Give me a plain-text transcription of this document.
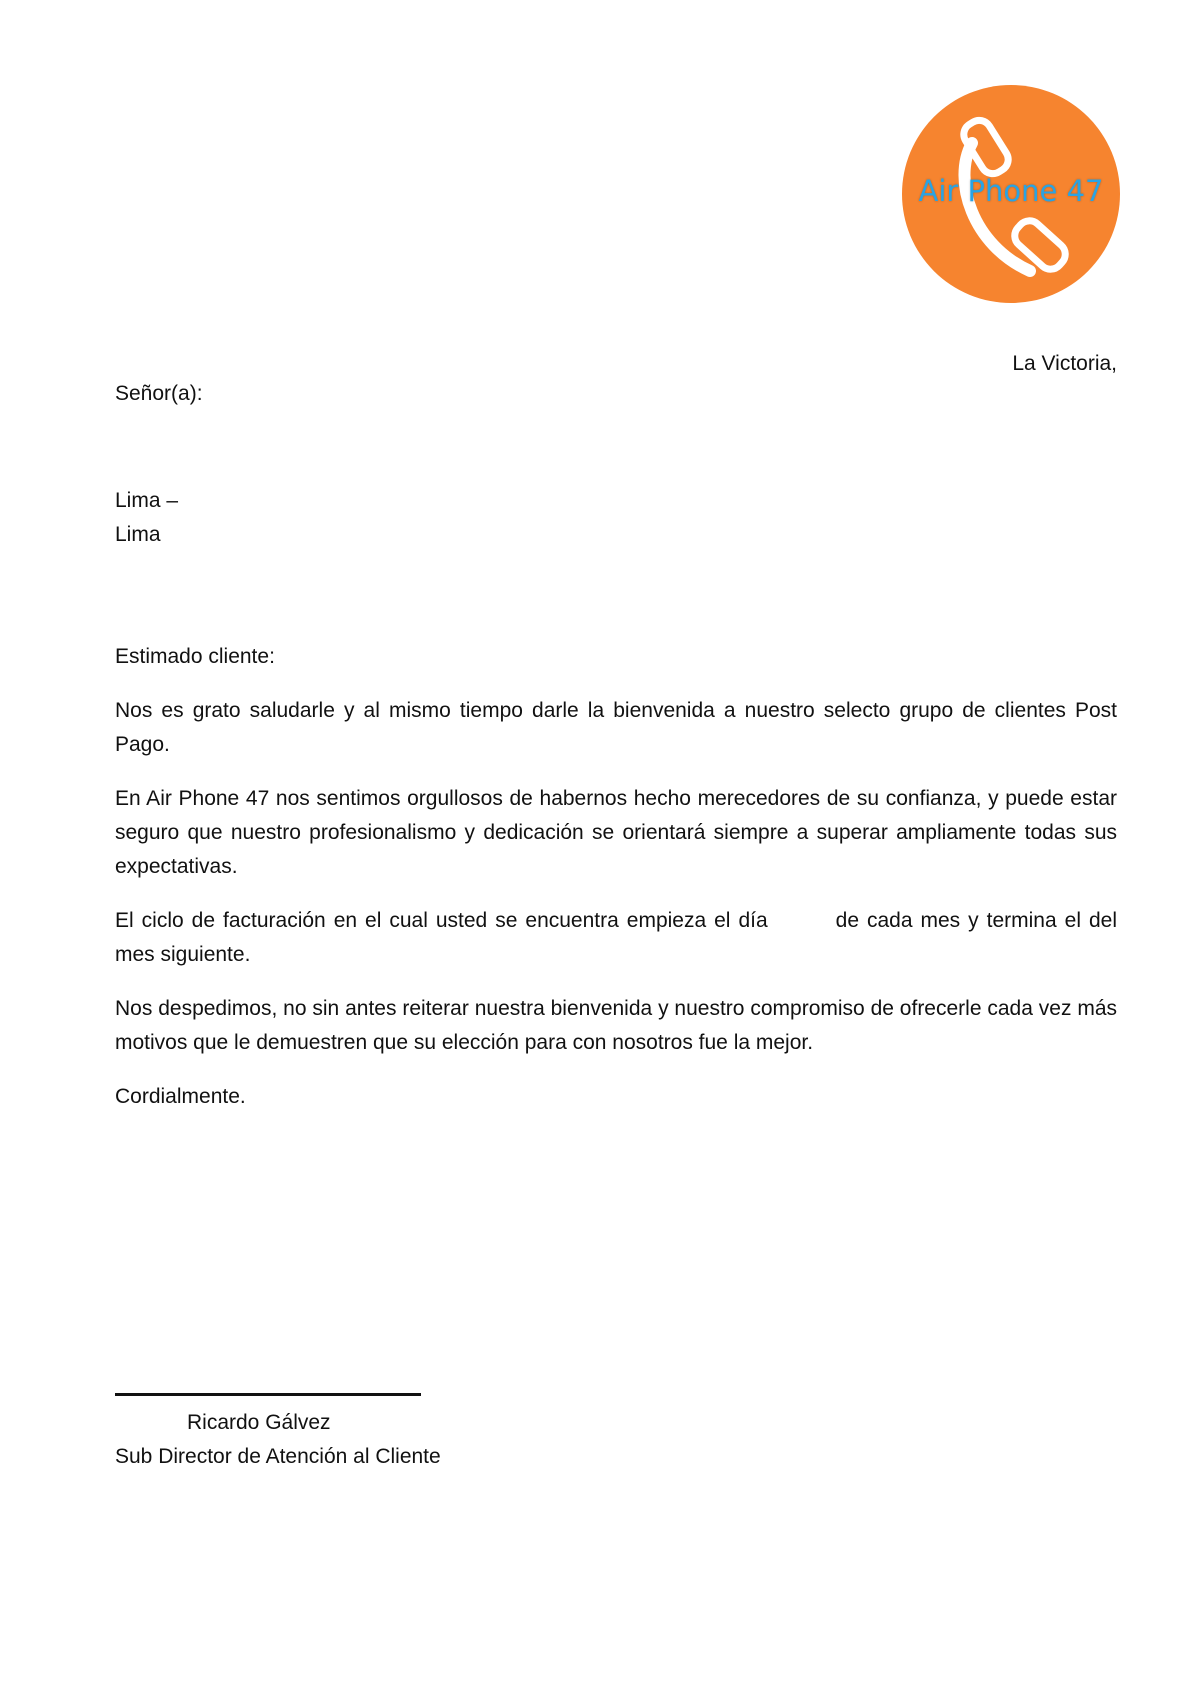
Air Phone 47

La Victoria,

Señor(a):

Lima –

Lima

Estimado cliente:

Nos es grato saludarle y al mismo tiempo darle la bienvenida a nuestro selecto grupo de clientes Post Pago.

En Air Phone 47 nos sentimos orgullosos de habernos hecho merecedores de su confianza, y puede estar seguro que nuestro profesionalismo y dedicación se orientará siempre a superar ampliamente todas sus expectativas.

El ciclo de facturación en el cual usted se encuentra empieza el día	de cada mes y termina el del mes siguiente.

Nos despedimos, no sin antes reiterar nuestra bienvenida y nuestro compromiso de ofrecerle cada vez más motivos que le demuestren que su elección para con nosotros fue la mejor.

Cordialmente.

Ricardo Gálvez

Sub Director de Atención al Cliente
